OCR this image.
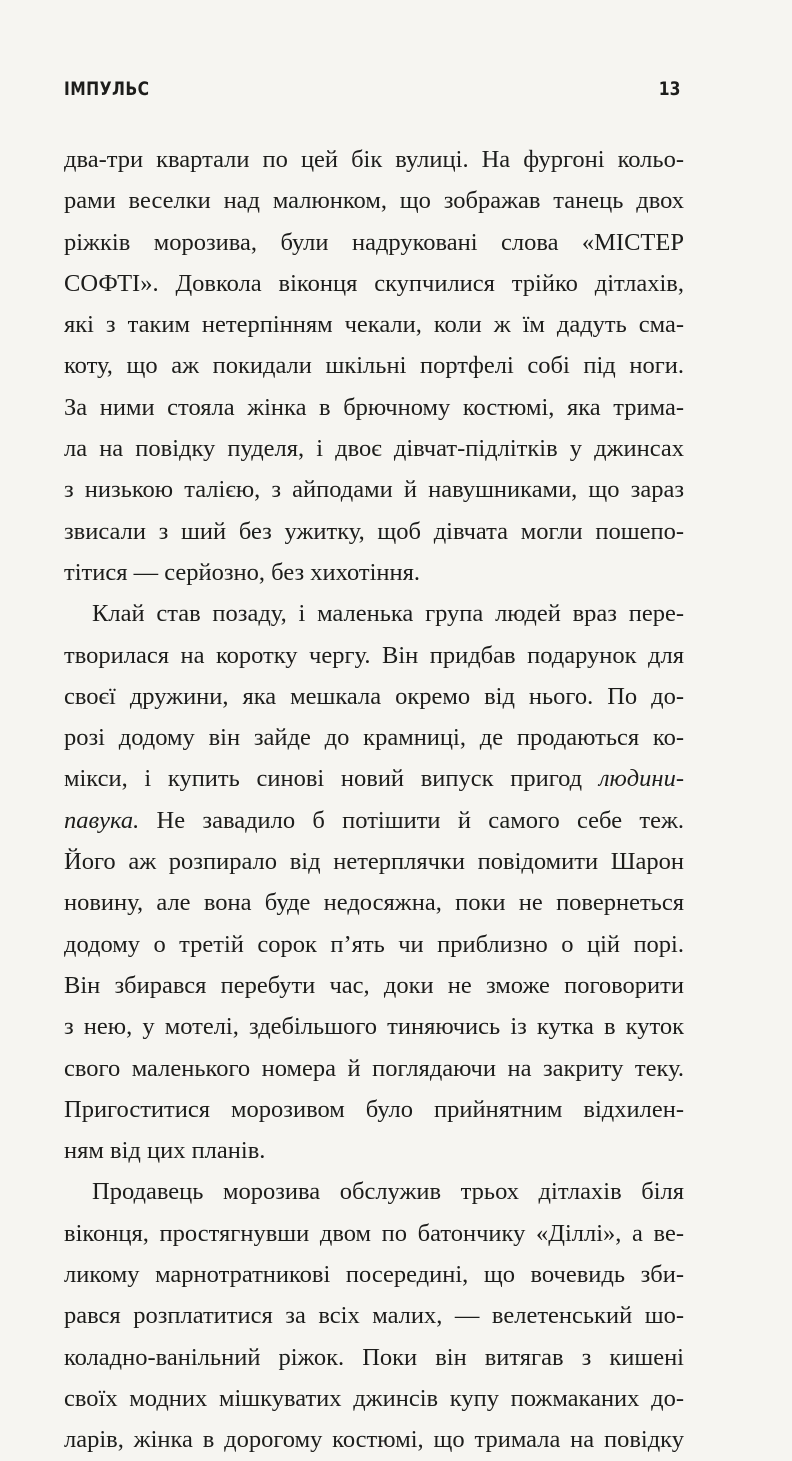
ІМПУЛЬС	13
два-три квартали по цей бік вулиці. На фургоні кольо-
рами веселки над малюнком, що зображав танець двох
ріжків морозива, були надруковані слова «МІСТЕР
СОФТІ». Довкола віконця скупчилися трійко дітлахів,
які з таким нетерпінням чекали, коли ж їм дадуть сма-
коту, що аж покидали шкільні портфелі собі під ноги.
За ними стояла жінка в брючному костюмі, яка трима-
ла на повідку пуделя, і двоє дівчат-підлітків у джинсах
з низькою талією, з айподами й навушниками, що зараз
звисали з ший без ужитку, щоб дівчата могли пошепо-
тітися — серйозно, без хихотіння.
Клай став позаду, і маленька група людей враз пере-
творилася на коротку чергу. Він придбав подарунок для
своєї дружини, яка мешкала окремо від нього. По до-
розі додому він зайде до крамниці, де продаються ко-
мікси, і купить синові новий випуск пригод людини-
павука. Не завадило б потішити й самого себе теж.
Його аж розпирало від нетерплячки повідомити Шарон
новину, але вона буде недосяжна, поки не повернеться
додому о третій сорок п’ять чи приблизно о цій порі.
Він збирався перебути час, доки не зможе поговорити
з нею, у мотелі, здебільшого тиняючись із кутка в куток
свого маленького номера й поглядаючи на закриту теку.
Пригоститися морозивом було прийнятним відхилен-
ням від цих планів.
Продавець морозива обслужив трьох дітлахів біля
віконця, простягнувши двом по батончику «Діллі», а ве-
ликому марнотратникові посередині, що вочевидь зби-
рався розплатитися за всіх малих, — велетенський шо-
коладно-ванільний ріжок. Поки він витягав з кишені
своїх модних мішкуватих джинсів купу пожмаканих до-
ларів, жінка в дорогому костюмі, що тримала на повідку
